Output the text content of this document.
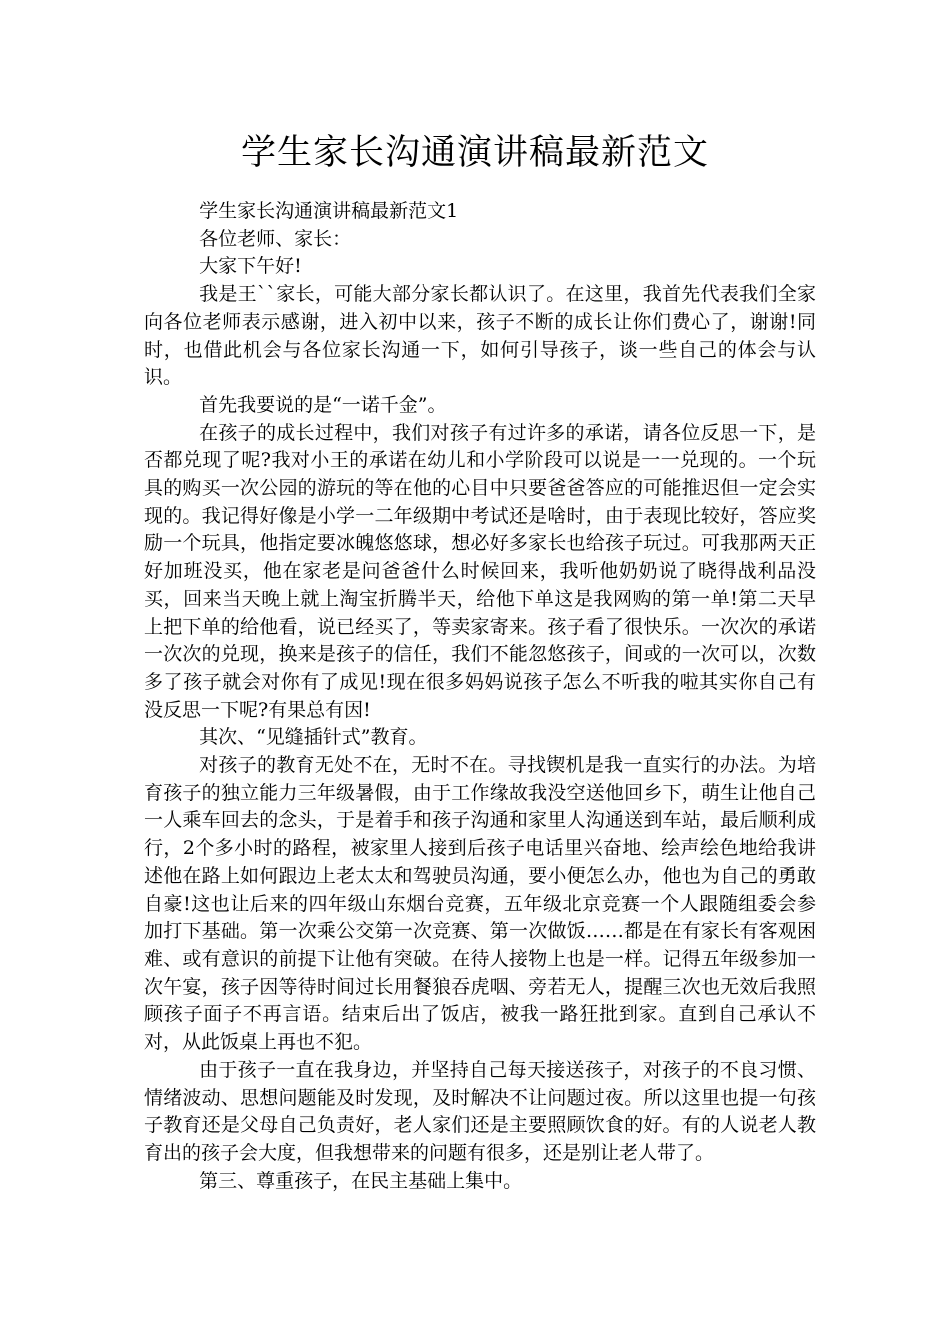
学生家长沟通演讲稿最新范文

学生家长沟通演讲稿最新范文1

各位老师、家长：

大家下午好!

我是王``家长，可能大部分家长都认识了。在这里，我首先代表我们全家向各位老师表示感谢，进入初中以来，孩子不断的成长让你们费心了，谢谢!同时，也借此机会与各位家长沟通一下，如何引导孩子，谈一些自己的体会与认识。

首先我要说的是“一诺千金”。

在孩子的成长过程中，我们对孩子有过许多的承诺，请各位反思一下，是否都兑现了呢?我对小王的承诺在幼儿和小学阶段可以说是一一兑现的。一个玩具的购买一次公园的游玩的等在他的心目中只要爸爸答应的可能推迟但一定会实现的。我记得好像是小学一二年级期中考试还是啥时，由于表现比较好，答应奖励一个玩具，他指定要冰魄悠悠球，想必好多家长也给孩子玩过。可我那两天正好加班没买，他在家老是问爸爸什么时候回来，我听他奶奶说了晓得战利品没买，回来当天晚上就上淘宝折腾半天，给他下单这是我网购的第一单!第二天早上把下单的给他看，说已经买了，等卖家寄来。孩子看了很快乐。一次次的承诺一次次的兑现，换来是孩子的信任，我们不能忽悠孩子，间或的一次可以，次数多了孩子就会对你有了成见!现在很多妈妈说孩子怎么不听我的啦其实你自己有没反思一下呢?有果总有因!

其次、“见缝插针式”教育。

对孩子的教育无处不在，无时不在。寻找锲机是我一直实行的办法。为培育孩子的独立能力三年级暑假，由于工作缘故我没空送他回乡下，萌生让他自己一人乘车回去的念头，于是着手和孩子沟通和家里人沟通送到车站，最后顺利成行，2个多小时的路程，被家里人接到后孩子电话里兴奋地、绘声绘色地给我讲述他在路上如何跟边上老太太和驾驶员沟通，要小便怎么办，他也为自己的勇敢自豪!这也让后来的四年级山东烟台竞赛，五年级北京竞赛一个人跟随组委会参加打下基础。第一次乘公交第一次竞赛、第一次做饭……都是在有家长有客观困难、或有意识的前提下让他有突破。在待人接物上也是一样。记得五年级参加一次午宴，孩子因等待时间过长用餐狼吞虎咽、旁若无人，提醒三次也无效后我照顾孩子面子不再言语。结束后出了饭店，被我一路狂批到家。直到自己承认不对，从此饭桌上再也不犯。

由于孩子一直在我身边，并坚持自己每天接送孩子，对孩子的不良习惯、情绪波动、思想问题能及时发现，及时解决不让问题过夜。所以这里也提一句孩子教育还是父母自己负责好，老人家们还是主要照顾饮食的好。有的人说老人教育出的孩子会大度，但我想带来的问题有很多，还是别让老人带了。

第三、尊重孩子，在民主基础上集中。
